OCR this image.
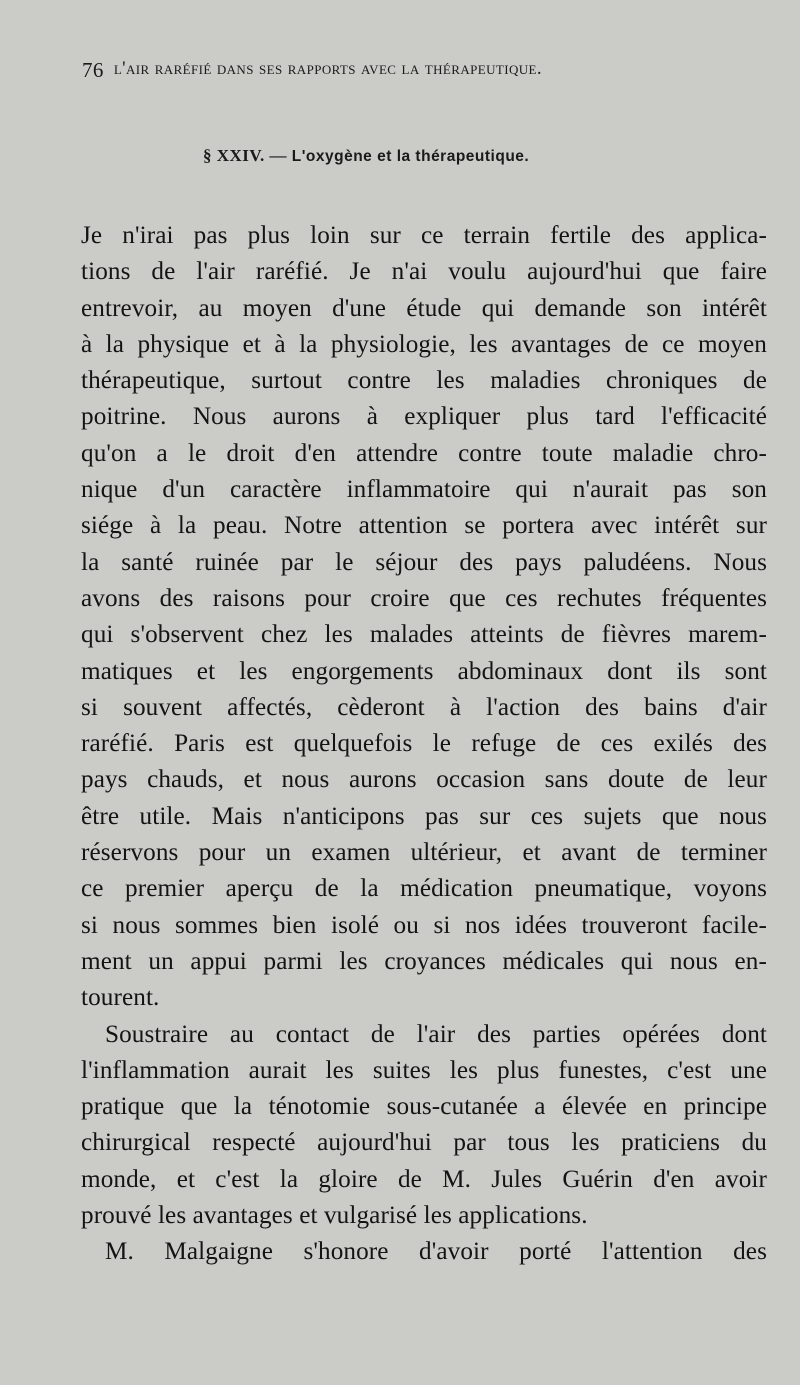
76 l'air raréfié dans ses rapports avec la thérapeutique.
§ XXIV. — L'oxygène et la thérapeutique.
Je n'irai pas plus loin sur ce terrain fertile des applica-
tions de l'air raréfié. Je n'ai voulu aujourd'hui que faire
entrevoir, au moyen d'une étude qui demande son intérêt
à la physique et à la physiologie, les avantages de ce moyen
thérapeutique, surtout contre les maladies chroniques de
poitrine. Nous aurons à expliquer plus tard l'efficacité
qu'on a le droit d'en attendre contre toute maladie chro-
nique d'un caractère inflammatoire qui n'aurait pas son
siége à la peau. Notre attention se portera avec intérêt sur
la santé ruinée par le séjour des pays paludéens. Nous
avons des raisons pour croire que ces rechutes fréquentes
qui s'observent chez les malades atteints de fièvres marem-
matiques et les engorgements abdominaux dont ils sont
si souvent affectés, cèderont à l'action des bains d'air
raréfié. Paris est quelquefois le refuge de ces exilés des
pays chauds, et nous aurons occasion sans doute de leur
être utile. Mais n'anticipons pas sur ces sujets que nous
réservons pour un examen ultérieur, et avant de terminer
ce premier aperçu de la médication pneumatique, voyons
si nous sommes bien isolé ou si nos idées trouveront facile-
ment un appui parmi les croyances médicales qui nous en-
tourent.
Soustraire au contact de l'air des parties opérées dont
l'inflammation aurait les suites les plus funestes, c'est une
pratique que la ténotomie sous-cutanée a élevée en principe
chirurgical respecté aujourd'hui par tous les praticiens du
monde, et c'est la gloire de M. Jules Guérin d'en avoir
prouvé les avantages et vulgarisé les applications.
M. Malgaigne s'honore d'avoir porté l'attention des
